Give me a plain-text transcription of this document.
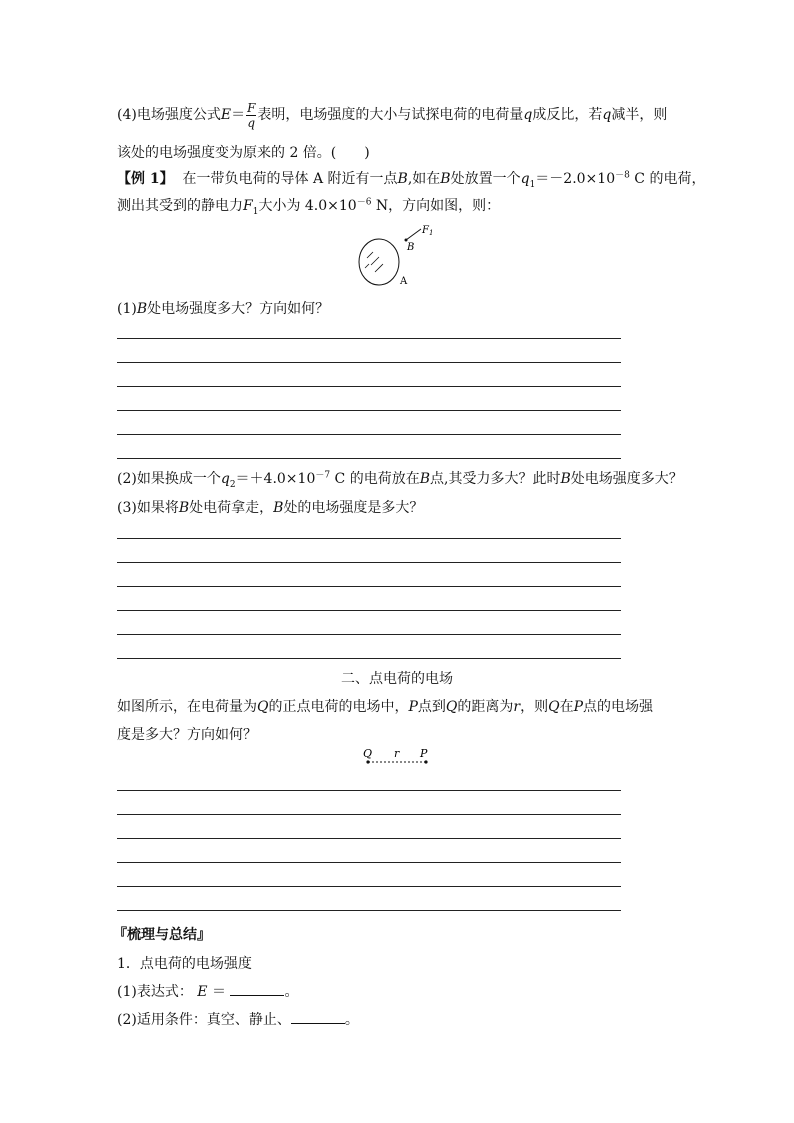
(4)电场强度公式$E= \frac{F}{q}$ 表明，电场强度的大小与试探电荷的电荷量q成反比，若q减半，则
该处的电场强度变为原来的 2 倍。(　　)
【例 1】 在一带负电荷的导体 A 附近有一点B,如在B处放置一个$q_1=-2.0\times 10^{-8}$ C 的电荷，
测出其受到的静电力$F_1$大小为 $4.0\times 10^{-6}$ N，方向如图，则：
$F_1$
B
A
(1)B处电场强度多大？方向如何？
(2)如果换成一个$q_2=+4.0\times 10^{-7}$ C 的电荷放在B点,其受力多大？此时B处电场强度多大？
(3)如果将B处电荷拿走，B处的电场强度是多大？
二、点电荷的电场
如图所示，在电荷量为Q的正点电荷的电场中，P点到Q的距离为r，则Q在P点的电场强
度是多大？方向如何？
Q r P
『梳理与总结』
1．点电荷的电场强度
(1)表达式： E ＝	。
(2)适用条件：真空、静止、	。
